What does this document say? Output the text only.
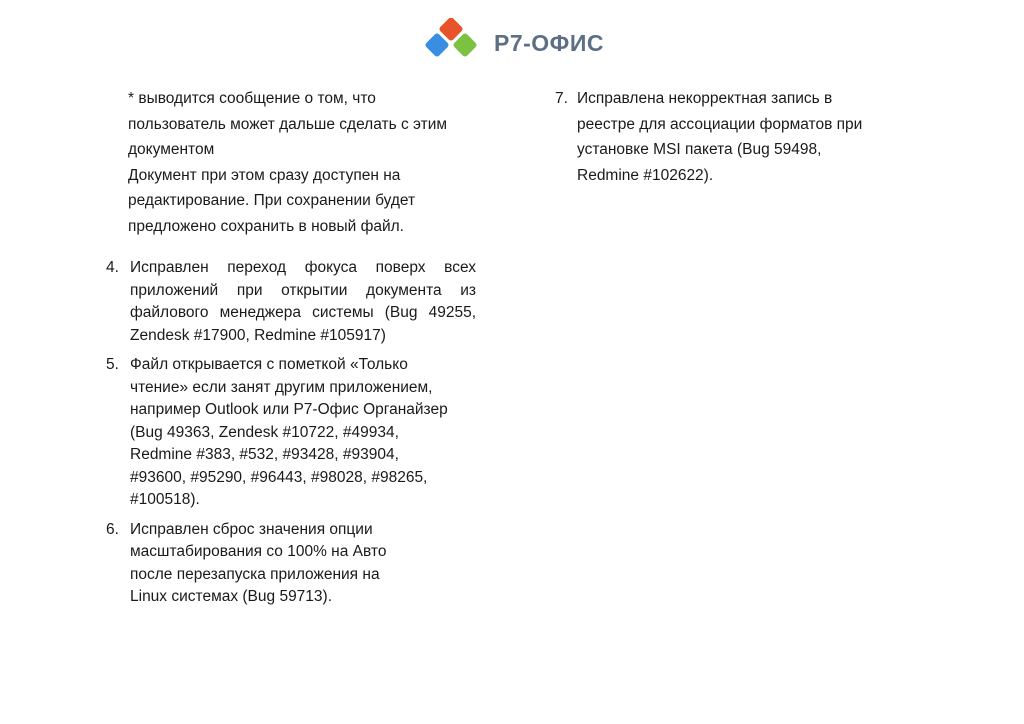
Р7-ОФИС

* выводится сообщение о том, что пользователь может дальше сделать с этим документом

Документ при этом сразу доступен на редактирование. При сохранении будет предложено сохранить в новый файл.

4. Исправлен переход фокуса поверх всех приложений при открытии документа из файлового менеджера системы (Bug 49255, Zendesk #17900, Redmine #105917)
5. Файл открывается с пометкой «Только чтение» если занят другим приложением, например Outlook или Р7-Офис Органайзер (Bug 49363, Zendesk #10722, #49934, Redmine #383, #532, #93428, #93904, #93600, #95290, #96443, #98028, #98265, #100518).
6. Исправлен сброс значения опции масштабирования со 100% на Авто после перезапуска приложения на Linux системах (Bug 59713).
7. Исправлена некорректная запись в реестре для ассоциации форматов при установке MSI пакета (Bug 59498, Redmine #102622).
